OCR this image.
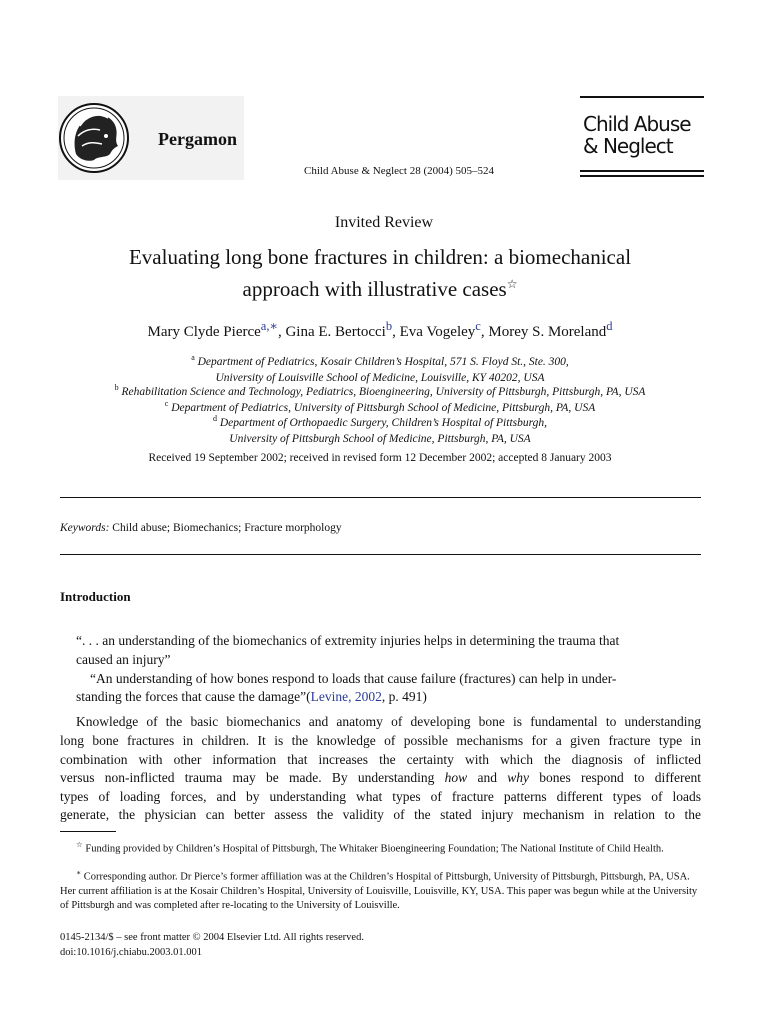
Pergamon
Child Abuse
& Neglect
Child Abuse & Neglect 28 (2004) 505–524
Invited Review
Evaluating long bone fractures in children: a biomechanical
approach with illustrative cases☆
Mary Clyde Pierce$^{a,∗}$, Gina E. Bertocci$^b$, Eva Vogeley$^c$, Morey S. Moreland$^d$
$^a$ Department of Pediatrics, Kosair Children’s Hospital, 571 S. Floyd St., Ste. 300,
University of Louisville School of Medicine, Louisville, KY 40202, USA
$^b$ Rehabilitation Science and Technology, Pediatrics, Bioengineering, University of Pittsburgh, Pittsburgh, PA, USA
$^c$ Department of Pediatrics, University of Pittsburgh School of Medicine, Pittsburgh, PA, USA
$^d$ Department of Orthopaedic Surgery, Children’s Hospital of Pittsburgh,
University of Pittsburgh School of Medicine, Pittsburgh, PA, USA
Received 19 September 2002; received in revised form 12 December 2002; accepted 8 January 2003
Keywords: Child abuse; Biomechanics; Fracture morphology
Introduction
“. . . an understanding of the biomechanics of extremity injuries helps in determining the trauma that
caused an injury”
“An understanding of how bones respond to loads that cause failure (fractures) can help in under-
standing the forces that cause the damage”(Levine, 2002, p. 491)
Knowledge of the basic biomechanics and anatomy of developing bone is fundamental to understanding
long bone fractures in children. It is the knowledge of possible mechanisms for a given fracture type in
combination with other information that increases the certainty with which the diagnosis of inflicted
versus non-inflicted trauma may be made. By understanding how and why bones respond to different
types of loading forces, and by understanding what types of fracture patterns different types of loads
generate, the physician can better assess the validity of the stated injury mechanism in relation to the
☆ Funding provided by Children’s Hospital of Pittsburgh, The Whitaker Bioengineering Foundation; The National Institute of Child Health.
∗ Corresponding author. Dr Pierce’s former affiliation was at the Children’s Hospital of Pittsburgh, University of Pittsburgh, Pittsburgh, PA, USA. Her current affiliation is at the Kosair Children’s Hospital, University of Louisville, Louisville, KY, USA. This paper was begun while at the University of Pittsburgh and was completed after re-locating to the University of Louisville.
0145-2134/$ – see front matter © 2004 Elsevier Ltd. All rights reserved.
doi:10.1016/j.chiabu.2003.01.001
